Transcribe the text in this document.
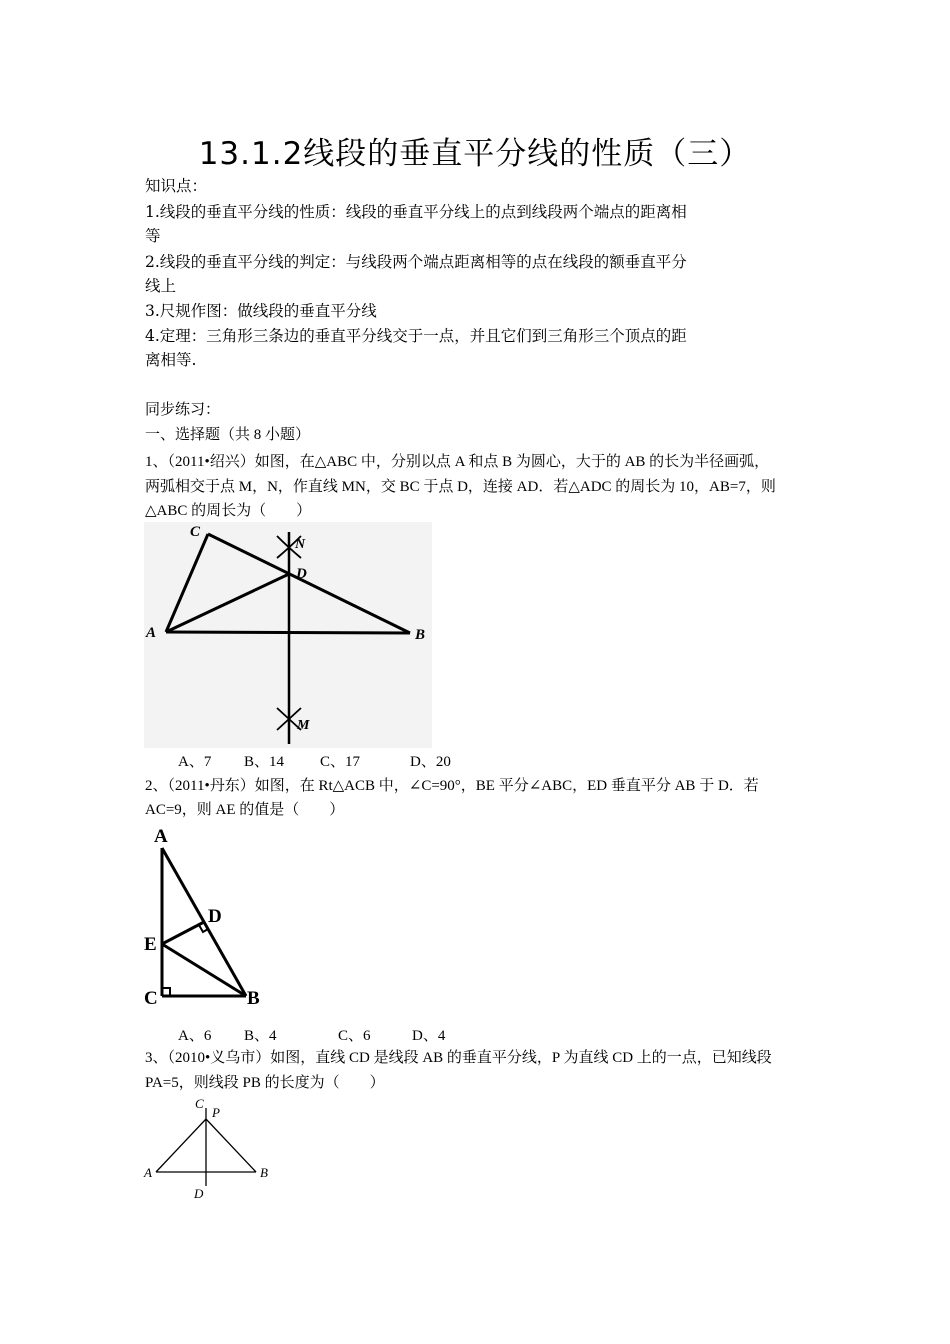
13.1.2线段的垂直平分线的性质（三）
知识点：
1.线段的垂直平分线的性质：线段的垂直平分线上的点到线段两个端点的距离相
等
2.线段的垂直平分线的判定：与线段两个端点距离相等的点在线段的额垂直平分
线上
3.尺规作图：做线段的垂直平分线
4.定理：三角形三条边的垂直平分线交于一点，并且它们到三角形三个顶点的距
离相等.
同步练习：
一、选择题（共 8 小题）
1、（2011•绍兴）如图，在△ABC 中，分别以点 A 和点 B 为圆心，大于的 AB 的长为半径画弧，
两弧相交于点 M，N，作直线 MN，交 BC 于点 D，连接 AD．若△ADC 的周长为 10，AB=7，则
△ABC 的周长为（　　）
C
N
D
A	B
M
A、7 B、14 C、17	D、20
2、（2011•丹东）如图，在 Rt△ACB 中，∠C=90°，BE 平分∠ABC，ED 垂直平分 AB 于 D．若
AC=9，则 AE 的值是（　　）
A
D
E
C	B
A、6 B、4	C、6	D、4
3、（2010•义乌市）如图，直线 CD 是线段 AB 的垂直平分线，P 为直线 CD 上的一点，已知线段
PA=5，则线段 PB 的长度为（　　）
C
P
A	B
D
